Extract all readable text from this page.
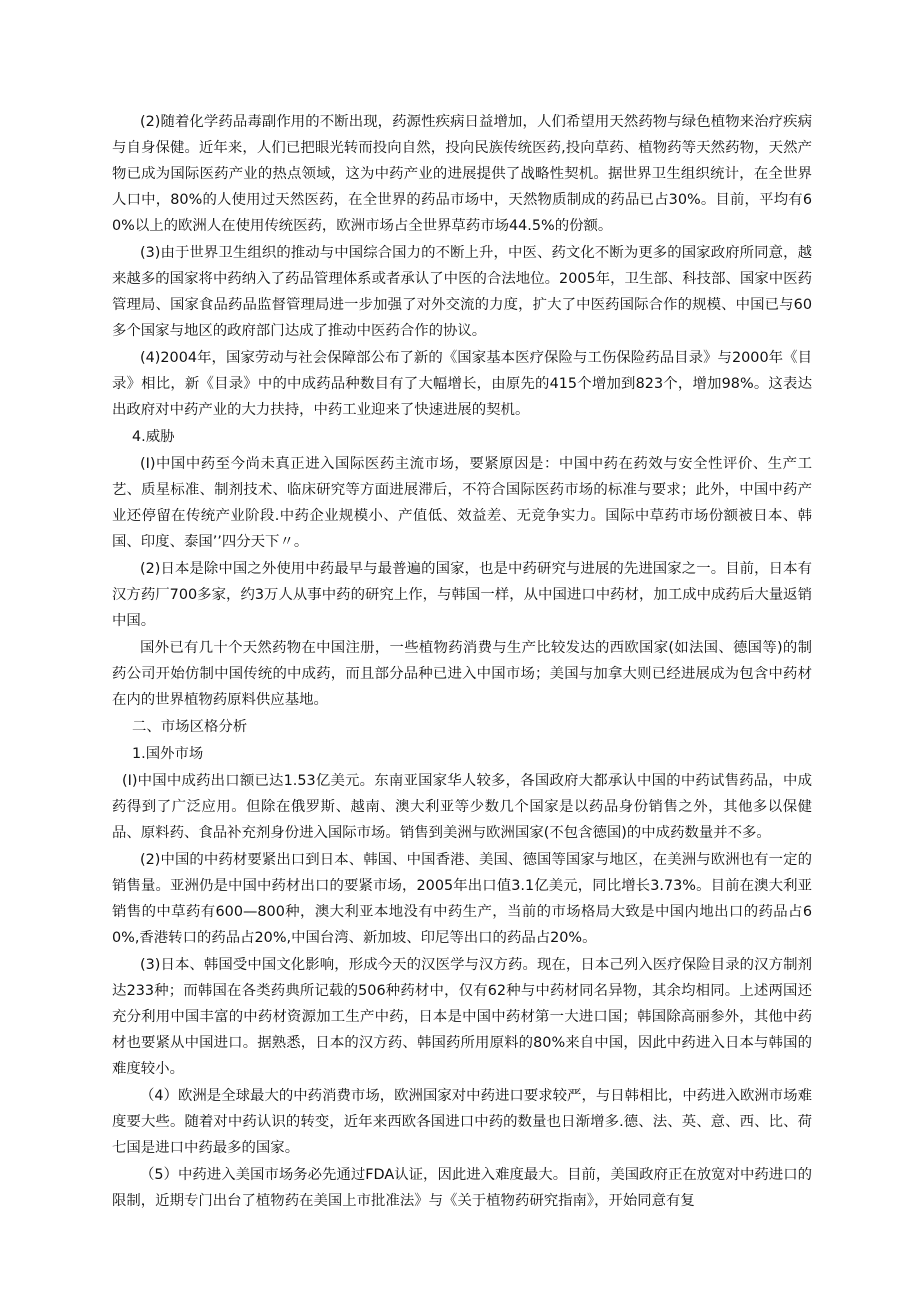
(2)随着化学药品毒副作用的不断出现，药源性疾病日益增加，人们希望用天然药物与绿色植物来治疗疾病与自身保健。近年来，人们已把眼光转而投向自然，投向民族传统医药,投向草药、植物药等天然药物，天然产物已成为国际医药产业的热点领域，这为中药产业的进展提供了战略性契机。据世界卫生组织统计，在全世界人口中，80%的人使用过天然医药，在全世界的药品市场中，天然物质制成的药品已占30%。目前，平均有60%以上的欧洲人在使用传统医药，欧洲市场占全世界草药市场44.5%的份额。

(3)由于世界卫生组织的推动与中国综合国力的不断上升，中医、药文化不断为更多的国家政府所同意，越来越多的国家将中药纳入了药品管理体系或者承认了中医的合法地位。2005年，卫生部、科技部、国家中医药管理局、国家食品药品监督管理局进一步加强了对外交流的力度，扩大了中医药国际合作的规模、中国已与60多个国家与地区的政府部门达成了推动中医药合作的协议。

(4)2004年，国家劳动与社会保障部公布了新的《国家基本医疗保险与工伤保险药品目录》与2000年《目录》相比，新《目录》中的中成药品种数目有了大幅增长，由原先的415个增加到823个，增加98%。这表达出政府对中药产业的大力扶持，中药工业迎来了快速进展的契机。

4.威胁

(I)中国中药至今尚未真正进入国际医药主流市场，要紧原因是：中国中药在药效与安全性评价、生产工艺、质星标准、制剂技术、临床研究等方面进展滞后，不符合国际医药市场的标准与要求；此外，中国中药产业还停留在传统产业阶段.中药企业规模小、产值低、效益差、无竞争实力。国际中草药市场份额被日本、韩国、印度、泰国’’四分天下〃。

(2)日本是除中国之外使用中药最早与最普遍的国家，也是中药研究与进展的先进国家之一。目前，日本有汉方药厂700多家，约3万人从事中药的研究上作，与韩国一样，从中国进口中药材，加工成中成药后大量返销中国。

国外已有几十个天然药物在中国注册，一些植物药消费与生产比较发达的西欧国家(如法国、德国等)的制药公司开始仿制中国传统的中成药，而且部分品种已进入中国市场；美国与加拿大则已经进展成为包含中药材在内的世界植物药原料供应基地。

二、市场区格分析

1.国外市场

(I)中国中成药出口额已达1.53亿美元。东南亚国家华人较多，各国政府大都承认中国的中药试售药品，中成药得到了广泛应用。但除在俄罗斯、越南、澳大利亚等少数几个国家是以药品身份销售之外，其他多以保健品、原料药、食品补充剂身份进入国际市场。销售到美洲与欧洲国家(不包含德国)的中成药数量并不多。

(2)中国的中药材要紧出口到日本、韩国、中国香港、美国、德国等国家与地区，在美洲与欧洲也有一定的销售量。亚洲仍是中国中药材出口的要紧市场，2005年出口值3.1亿美元，同比增长3.73%。目前在澳大利亚销售的中草药有600—800种，澳大利亚本地没有中药生产，当前的市场格局大致是中国内地出口的药品占60%,香港转口的药品占20%,中国台湾、新加坡、印尼等出口的药品占20%。

(3)日本、韩国受中国文化影响，形成今天的汉医学与汉方药。现在，日本己列入医疗保险目录的汉方制剂达233种；而韩国在各类药典所记载的506种药材中，仅有62种与中药材同名异物，其余均相同。上述两国还充分利用中国丰富的中药材资源加工生产中药，日本是中国中药材第一大进口国；韩国除高丽参外，其他中药材也要紧从中国进口。据熟悉，日本的汉方药、韩国药所用原料的80%来自中国，因此中药进入日本与韩国的难度较小。

（4）欧洲是全球最大的中药消费市场，欧洲国家对中药进口要求较严，与日韩相比，中药进入欧洲市场难度要大些。随着对中药认识的转变，近年来西欧各国进口中药的数量也日渐增多.德、法、英、意、西、比、荷七国是进口中药最多的国家。

（5）中药进入美国市场务必先通过FDA认证，因此进入难度最大。目前，美国政府正在放宽对中药进口的限制，近期专门出台了植物药在美国上市批准法》与《关于植物药研究指南》，开始同意有复
